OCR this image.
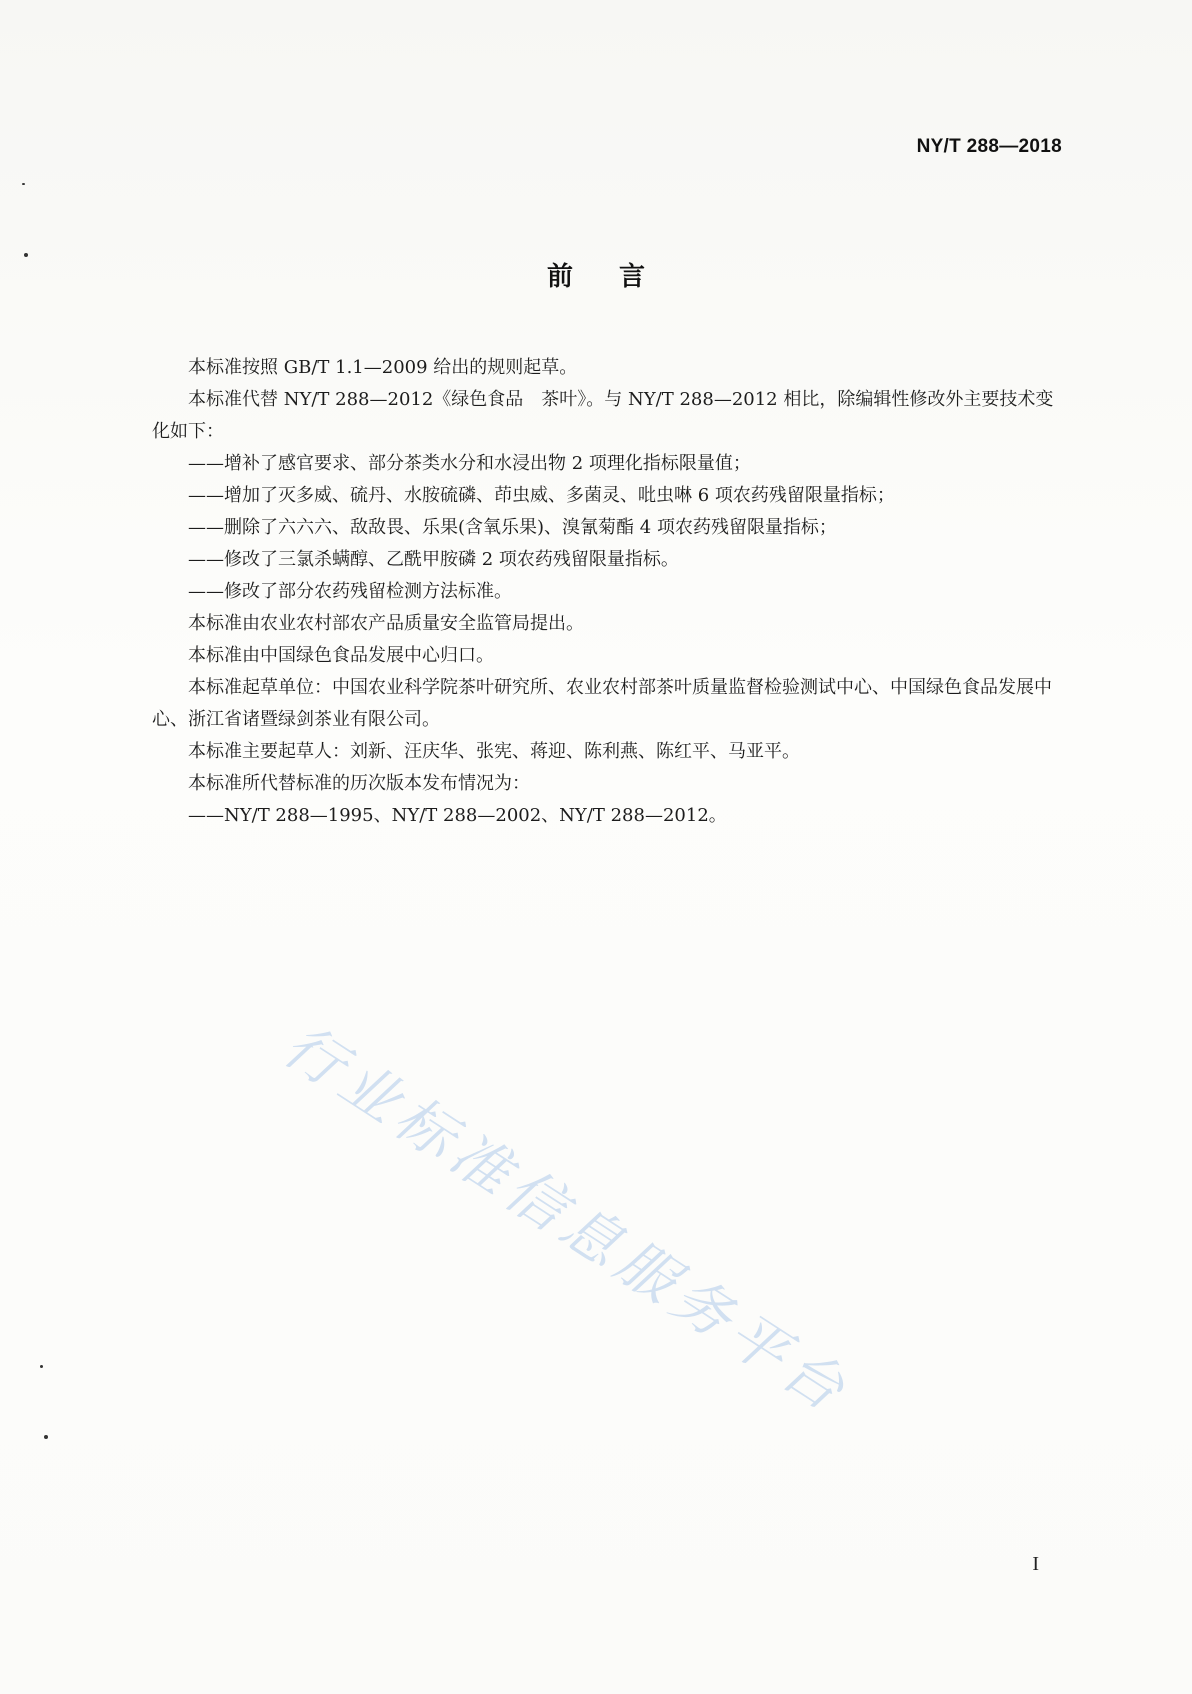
NY/T 288—2018
前言

本标准按照 GB/T 1.1—2009 给出的规则起草。

本标准代替 NY/T 288—2012《绿色食品　茶叶》。与 NY/T 288—2012 相比，除编辑性修改外主要技术变化如下：

——增补了感官要求、部分茶类水分和水浸出物 2 项理化指标限量值；

——增加了灭多威、硫丹、水胺硫磷、茚虫威、多菌灵、吡虫啉 6 项农药残留限量指标；

——删除了六六六、敌敌畏、乐果(含氧乐果)、溴氰菊酯 4 项农药残留限量指标；

——修改了三氯杀螨醇、乙酰甲胺磷 2 项农药残留限量指标。

——修改了部分农药残留检测方法标准。

本标准由农业农村部农产品质量安全监管局提出。

本标准由中国绿色食品发展中心归口。

本标准起草单位：中国农业科学院茶叶研究所、农业农村部茶叶质量监督检验测试中心、中国绿色食品发展中心、浙江省诸暨绿剑茶业有限公司。

本标准主要起草人：刘新、汪庆华、张宪、蒋迎、陈利燕、陈红平、马亚平。

本标准所代替标准的历次版本发布情况为：

——NY/T 288—1995、NY/T 288—2002、NY/T 288—2012。

行业标准信息服务平台
I
